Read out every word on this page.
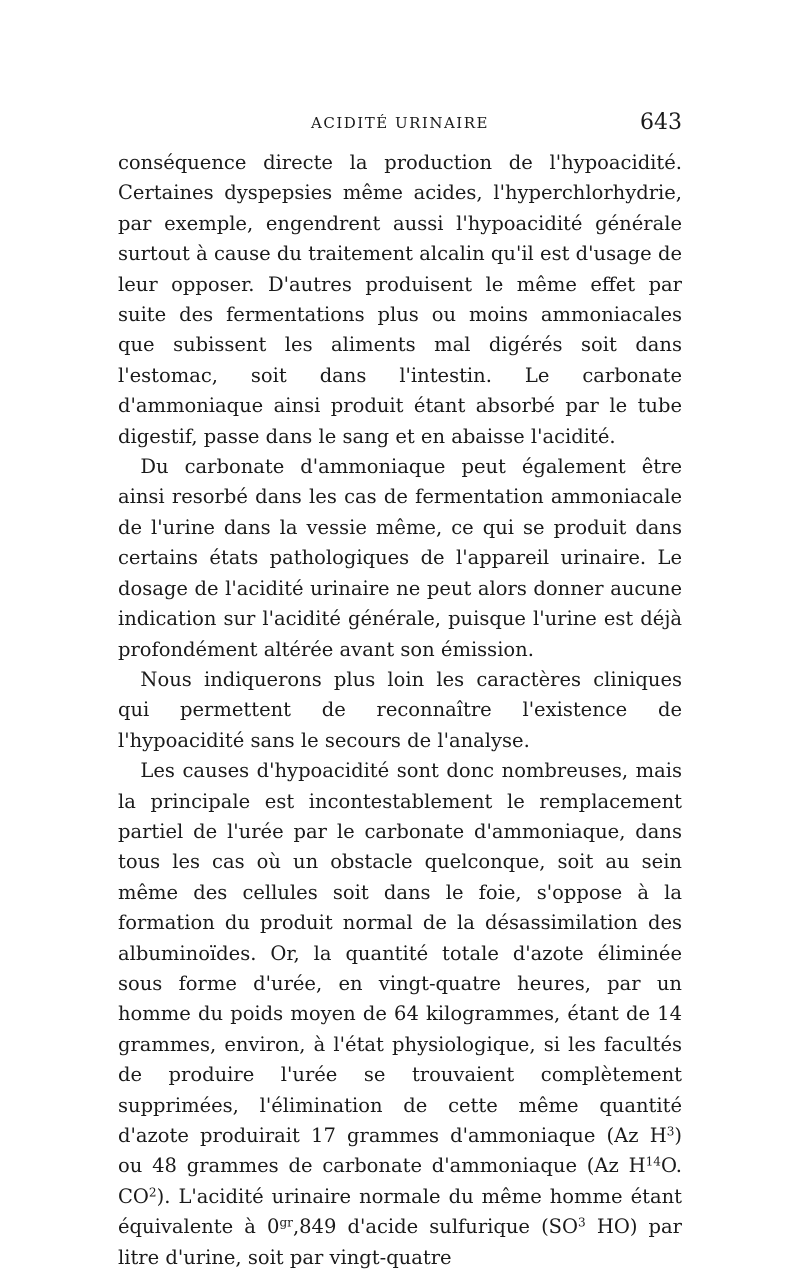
ACIDITÉ URINAIRE	643

conséquence directe la production de l'hypoacidité. Certaines dyspepsies même acides, l'hyperchlorhydrie, par exemple, engendrent aussi l'hypoacidité générale surtout à cause du traitement alcalin qu'il est d'usage de leur opposer. D'autres produisent le même effet par suite des fermentations plus ou moins ammoniacales que subissent les aliments mal digérés soit dans l'estomac, soit dans l'intestin. Le carbonate d'ammoniaque ainsi produit étant absorbé par le tube digestif, passe dans le sang et en abaisse l'acidité.

Du carbonate d'ammoniaque peut également être ainsi resorbé dans les cas de fermentation ammoniacale de l'urine dans la vessie même, ce qui se produit dans certains états pathologiques de l'appareil urinaire. Le dosage de l'acidité urinaire ne peut alors donner aucune indication sur l'acidité générale, puisque l'urine est déjà profondément altérée avant son émission.

Nous indiquerons plus loin les caractères cliniques qui permettent de reconnaître l'existence de l'hypoacidité sans le secours de l'analyse.

Les causes d'hypoacidité sont donc nombreuses, mais la principale est incontestablement le remplacement partiel de l'urée par le carbonate d'ammoniaque, dans tous les cas où un obstacle quelconque, soit au sein même des cellules soit dans le foie, s'oppose à la formation du produit normal de la désassimilation des albuminoïdes. Or, la quantité totale d'azote éliminée sous forme d'urée, en vingt-quatre heures, par un homme du poids moyen de 64 kilogrammes, étant de 14 grammes, environ, à l'état physiologique, si les facultés de produire l'urée se trouvaient complètement supprimées, l'élimination de cette même quantité d'azote produirait 17 grammes d'ammoniaque (Az $H^3$) ou 48 grammes de carbonate d'ammoniaque (Az $H^{14}O$. $CO^2$). L'acidité urinaire normale du même homme étant équivalente à $0^{gr},849$ d'acide sulfurique ($SO^3$ HO) par litre d'urine, soit par vingt-quatre
